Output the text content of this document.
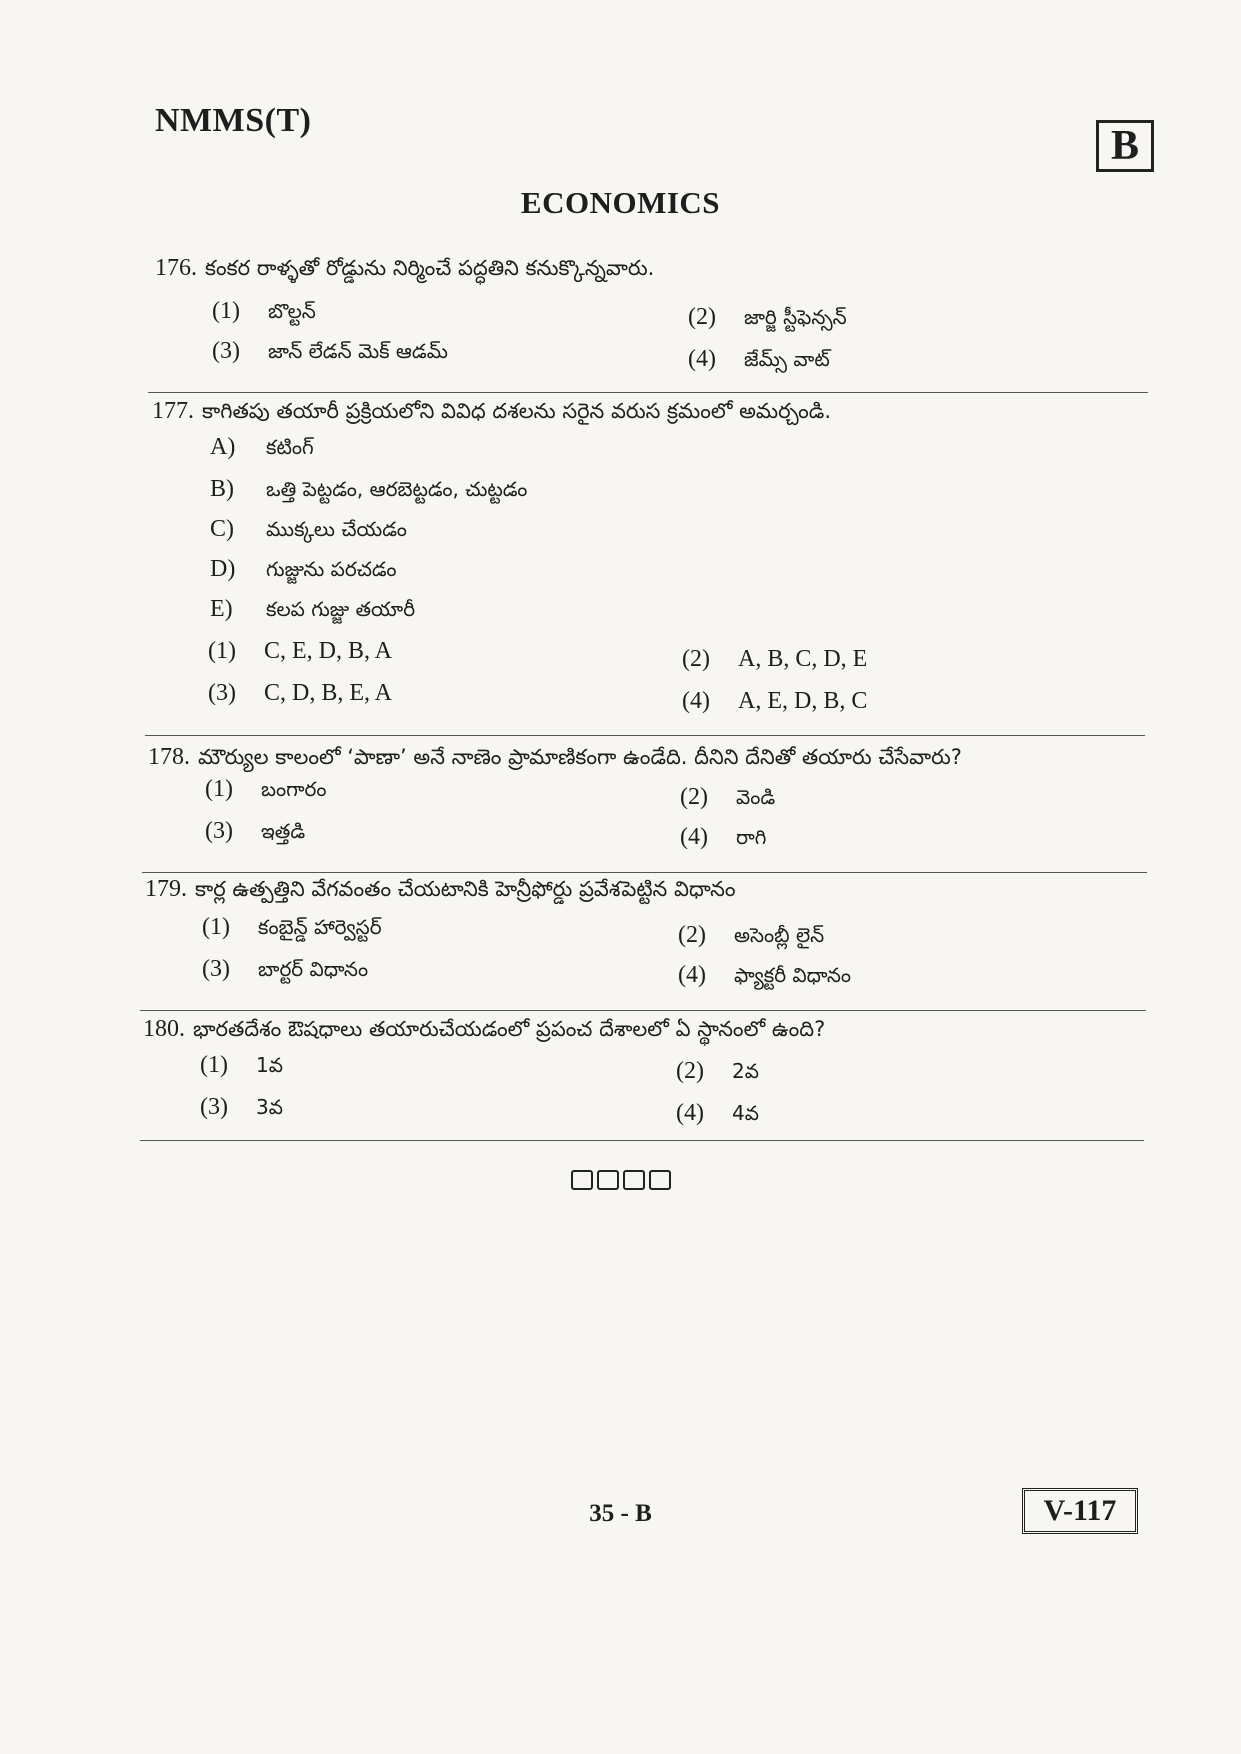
NMMS(T)
B
ECONOMICS
176. కంకర రాళ్ళతో రోడ్డును నిర్మించే పద్ధతిని కనుక్కొన్నవారు.
(1) బొల్టన్	(2) జార్జి స్టీఫెన్సన్
(3) జాన్ లేడన్ మెక్ ఆడమ్	(4) జేమ్స్ వాట్
177. కాగితపు తయారీ ప్రక్రియలోని వివిధ దశలను సరైన వరుస క్రమంలో అమర్చండి.
A) కటింగ్
B) ఒత్తి పెట్టడం, ఆరబెట్టడం, చుట్టడం
C) ముక్కలు చేయడం
D) గుజ్జును పరచడం
E) కలప గుజ్జు తయారీ
(1) C, E, D, B, A	(2) A, B, C, D, E
(3) C, D, B, E, A	(4) A, E, D, B, C
178. మౌర్యుల కాలంలో ‘పాణా’ అనే నాణెం ప్రామాణికంగా ఉండేది. దీనిని దేనితో తయారు చేసేవారు?
(1) బంగారం	(2) వెండి
(3) ఇత్తడి	(4) రాగి
179. కార్ల ఉత్పత్తిని వేగవంతం చేయటానికి హెన్రీఫోర్డు ప్రవేశపెట్టిన విధానం
(1) కంబైన్డ్ హార్వెస్టర్	(2) అసెంబ్లీ లైన్
(3) బార్టర్ విధానం	(4) ఫ్యాక్టరీ విధానం
180. భారతదేశం ఔషధాలు తయారుచేయడంలో ప్రపంచ దేశాలలో ఏ స్థానంలో ఉంది?
(1) 1వ	(2) 2వ
(3) 3వ	(4) 4వ
35 - B	V-117
